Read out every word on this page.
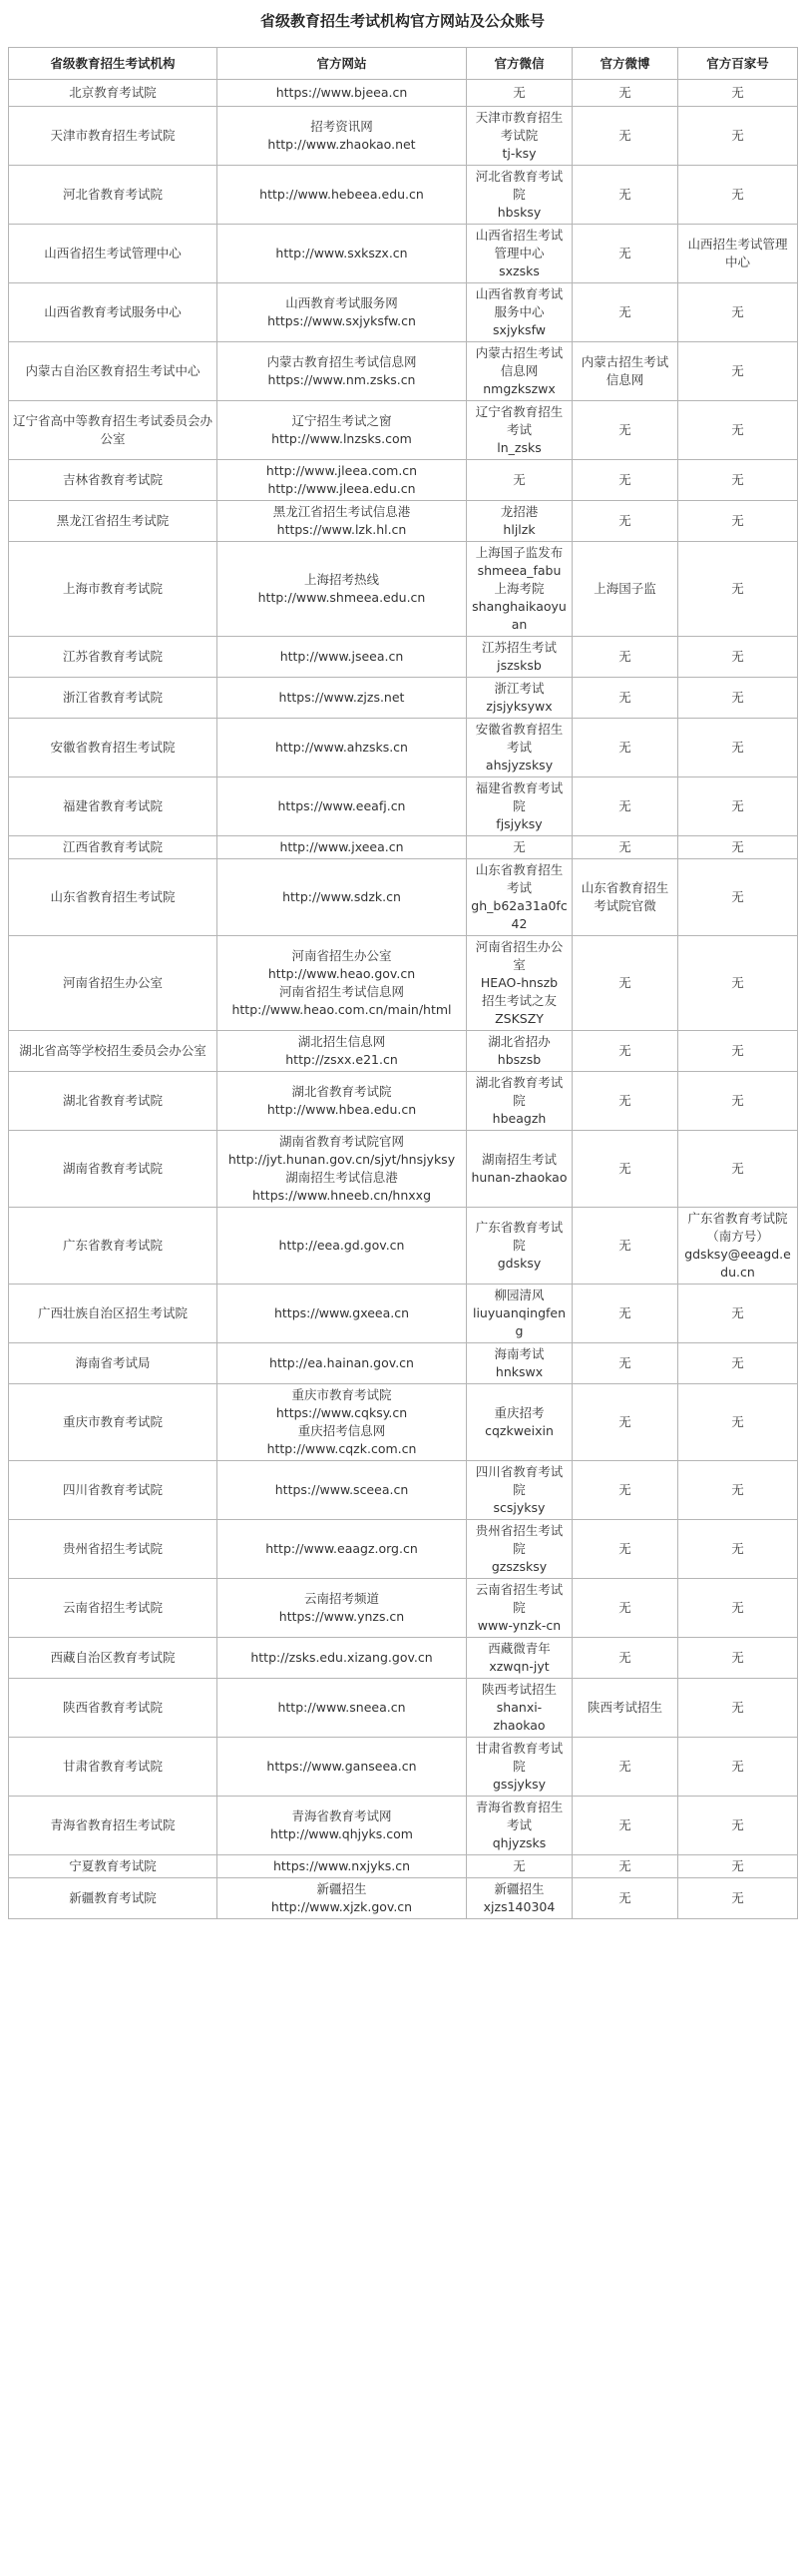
省级教育招生考试机构官方网站及公众账号
省级教育招生考试机构	官方网站	官方微信	官方微博	官方百家号
北京教育考试院	https://www.bjeea.cn	无	无	无

天津市教育招生考试院	招考资讯网
http://www.zhaokao.net	天津市教育招生考试院
tj-ksy	无	无

河北省教育考试院	http://www.hebeea.edu.cn	河北省教育考试院
hbsksy	无	无

山西省招生考试管理中心	http://www.sxkszx.cn	山西省招生考试管理中心
sxzsks	无	山西招生考试管理中心

山西省教育考试服务中心	山西教育考试服务网
https://www.sxjyksfw.cn	山西省教育考试服务中心
sxjyksfw	无	无

内蒙古自治区教育招生考试中心	内蒙古教育招生考试信息网
https://www.nm.zsks.cn	内蒙古招生考试信息网
nmgzkszwx	内蒙古招生考试信息网	无

辽宁省高中等教育招生考试委员会办公室	辽宁招生考试之窗
http://www.lnzsks.com	辽宁省教育招生考试
ln_zsks	无	无

吉林省教育考试院	http://www.jleea.com.cn
http://www.jleea.edu.cn	无	无	无

黑龙江省招生考试院	黑龙江省招生考试信息港
https://www.lzk.hl.cn	龙招港
hljlzk	无	无

上海市教育考试院	上海招考热线
http://www.shmeea.edu.cn	上海国子监发布
shmeea_fabu
上海考院
shanghaikaoyuan	上海国子监	无

江苏省教育考试院	http://www.jseea.cn	江苏招生考试
jszsksb	无	无

浙江省教育考试院	https://www.zjzs.net	浙江考试
zjsjyksywx	无	无

安徽省教育招生考试院	http://www.ahzsks.cn	安徽省教育招生考试
ahsjyzsksy	无	无

福建省教育考试院	https://www.eeafj.cn	福建省教育考试院
fjsjyksy	无	无

江西省教育考试院	http://www.jxeea.cn	无	无	无

山东省教育招生考试院	http://www.sdzk.cn	山东省教育招生考试
gh_b62a31a0fc42	山东省教育招生考试院官微	无

河南省招生办公室	河南省招生办公室
http://www.heao.gov.cn
河南省招生考试信息网
http://www.heao.com.cn/main/html	河南省招生办公室
HEAO-hnszb
招生考试之友
ZSKSZY	无	无

湖北省高等学校招生委员会办公室	湖北招生信息网
http://zsxx.e21.cn	湖北省招办
hbszsb	无	无

湖北省教育考试院	湖北省教育考试院
http://www.hbea.edu.cn	湖北省教育考试院
hbeagzh	无	无

湖南省教育考试院	湖南省教育考试院官网
http://jyt.hunan.gov.cn/sjyt/hnsjyksy
湖南招生考试信息港
https://www.hneeb.cn/hnxxg	湖南招生考试
hunan-zhaokao	无	无

广东省教育考试院	http://eea.gd.gov.cn	广东省教育考试院
gdsksy	无	广东省教育考试院（南方号）
gdsksy@eeagd.edu.cn

广西壮族自治区招生考试院	https://www.gxeea.cn	柳园清风
liuyuanqingfeng	无	无

海南省考试局	http://ea.hainan.gov.cn	海南考试
hnkswx	无	无

重庆市教育考试院	重庆市教育考试院
https://www.cqksy.cn
重庆招考信息网
http://www.cqzk.com.cn	重庆招考
cqzkweixin	无	无

四川省教育考试院	https://www.sceea.cn	四川省教育考试院
scsjyksy	无	无

贵州省招生考试院	http://www.eaagz.org.cn	贵州省招生考试院
gzszsksy	无	无

云南省招生考试院	云南招考频道
https://www.ynzs.cn	云南省招生考试院
www-ynzk-cn	无	无

西藏自治区教育考试院	http://zsks.edu.xizang.gov.cn	西藏微青年
xzwqn-jyt	无	无

陕西省教育考试院	http://www.sneea.cn	陕西考试招生
shanxi-zhaokao	陕西考试招生	无

甘肃省教育考试院	https://www.ganseea.cn	甘肃省教育考试院
gssjyksy	无	无

青海省教育招生考试院	青海省教育考试网
http://www.qhjyks.com	青海省教育招生考试
qhjyzsks	无	无

宁夏教育考试院	https://www.nxjyks.cn	无	无	无

新疆教育考试院	新疆招生
http://www.xjzk.gov.cn	新疆招生
xjzs140304	无	无
